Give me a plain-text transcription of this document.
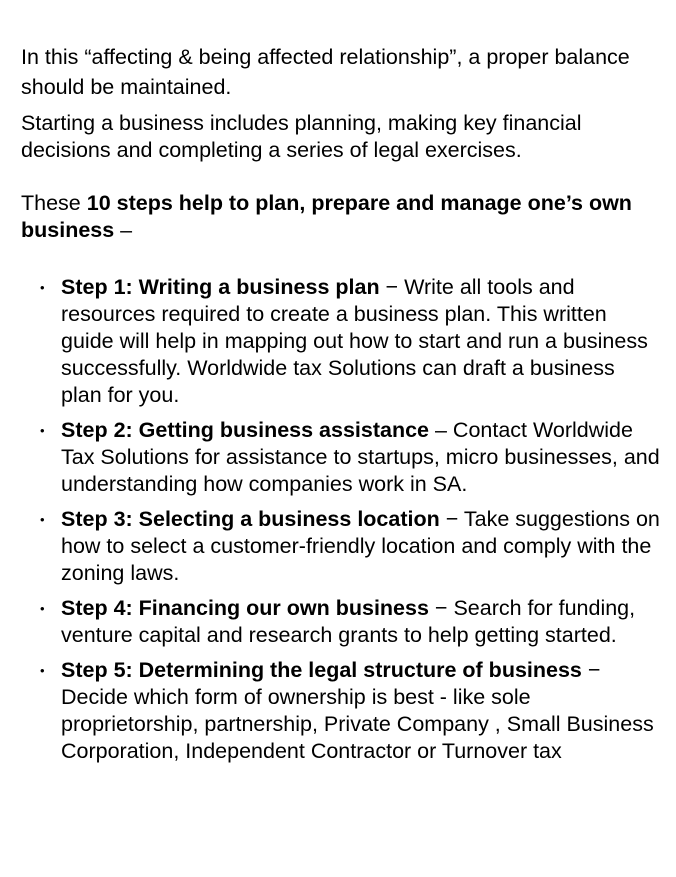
In this “affecting & being affected relationship”, a proper balance should be maintained.

Starting a business includes planning, making key financial decisions and completing a series of legal exercises.

These 10 steps help to plan, prepare and manage one’s own business –

• Step 1: Writing a business plan − Write all tools and resources required to create a business plan. This written guide will help in mapping out how to start and run a business successfully. Worldwide tax Solutions can draft a business plan for you.
• Step 2: Getting business assistance – Contact Worldwide Tax Solutions for assistance to startups, micro businesses, and understanding how companies work in SA.
• Step 3: Selecting a business location − Take suggestions on how to select a customer-friendly location and comply with the zoning laws.
• Step 4: Financing our own business − Search for funding, venture capital and research grants to help getting started.
• Step 5: Determining the legal structure of business − Decide which form of ownership is best - like sole proprietorship, partnership, Private Company , Small Business Corporation, Independent Contractor or Turnover tax
